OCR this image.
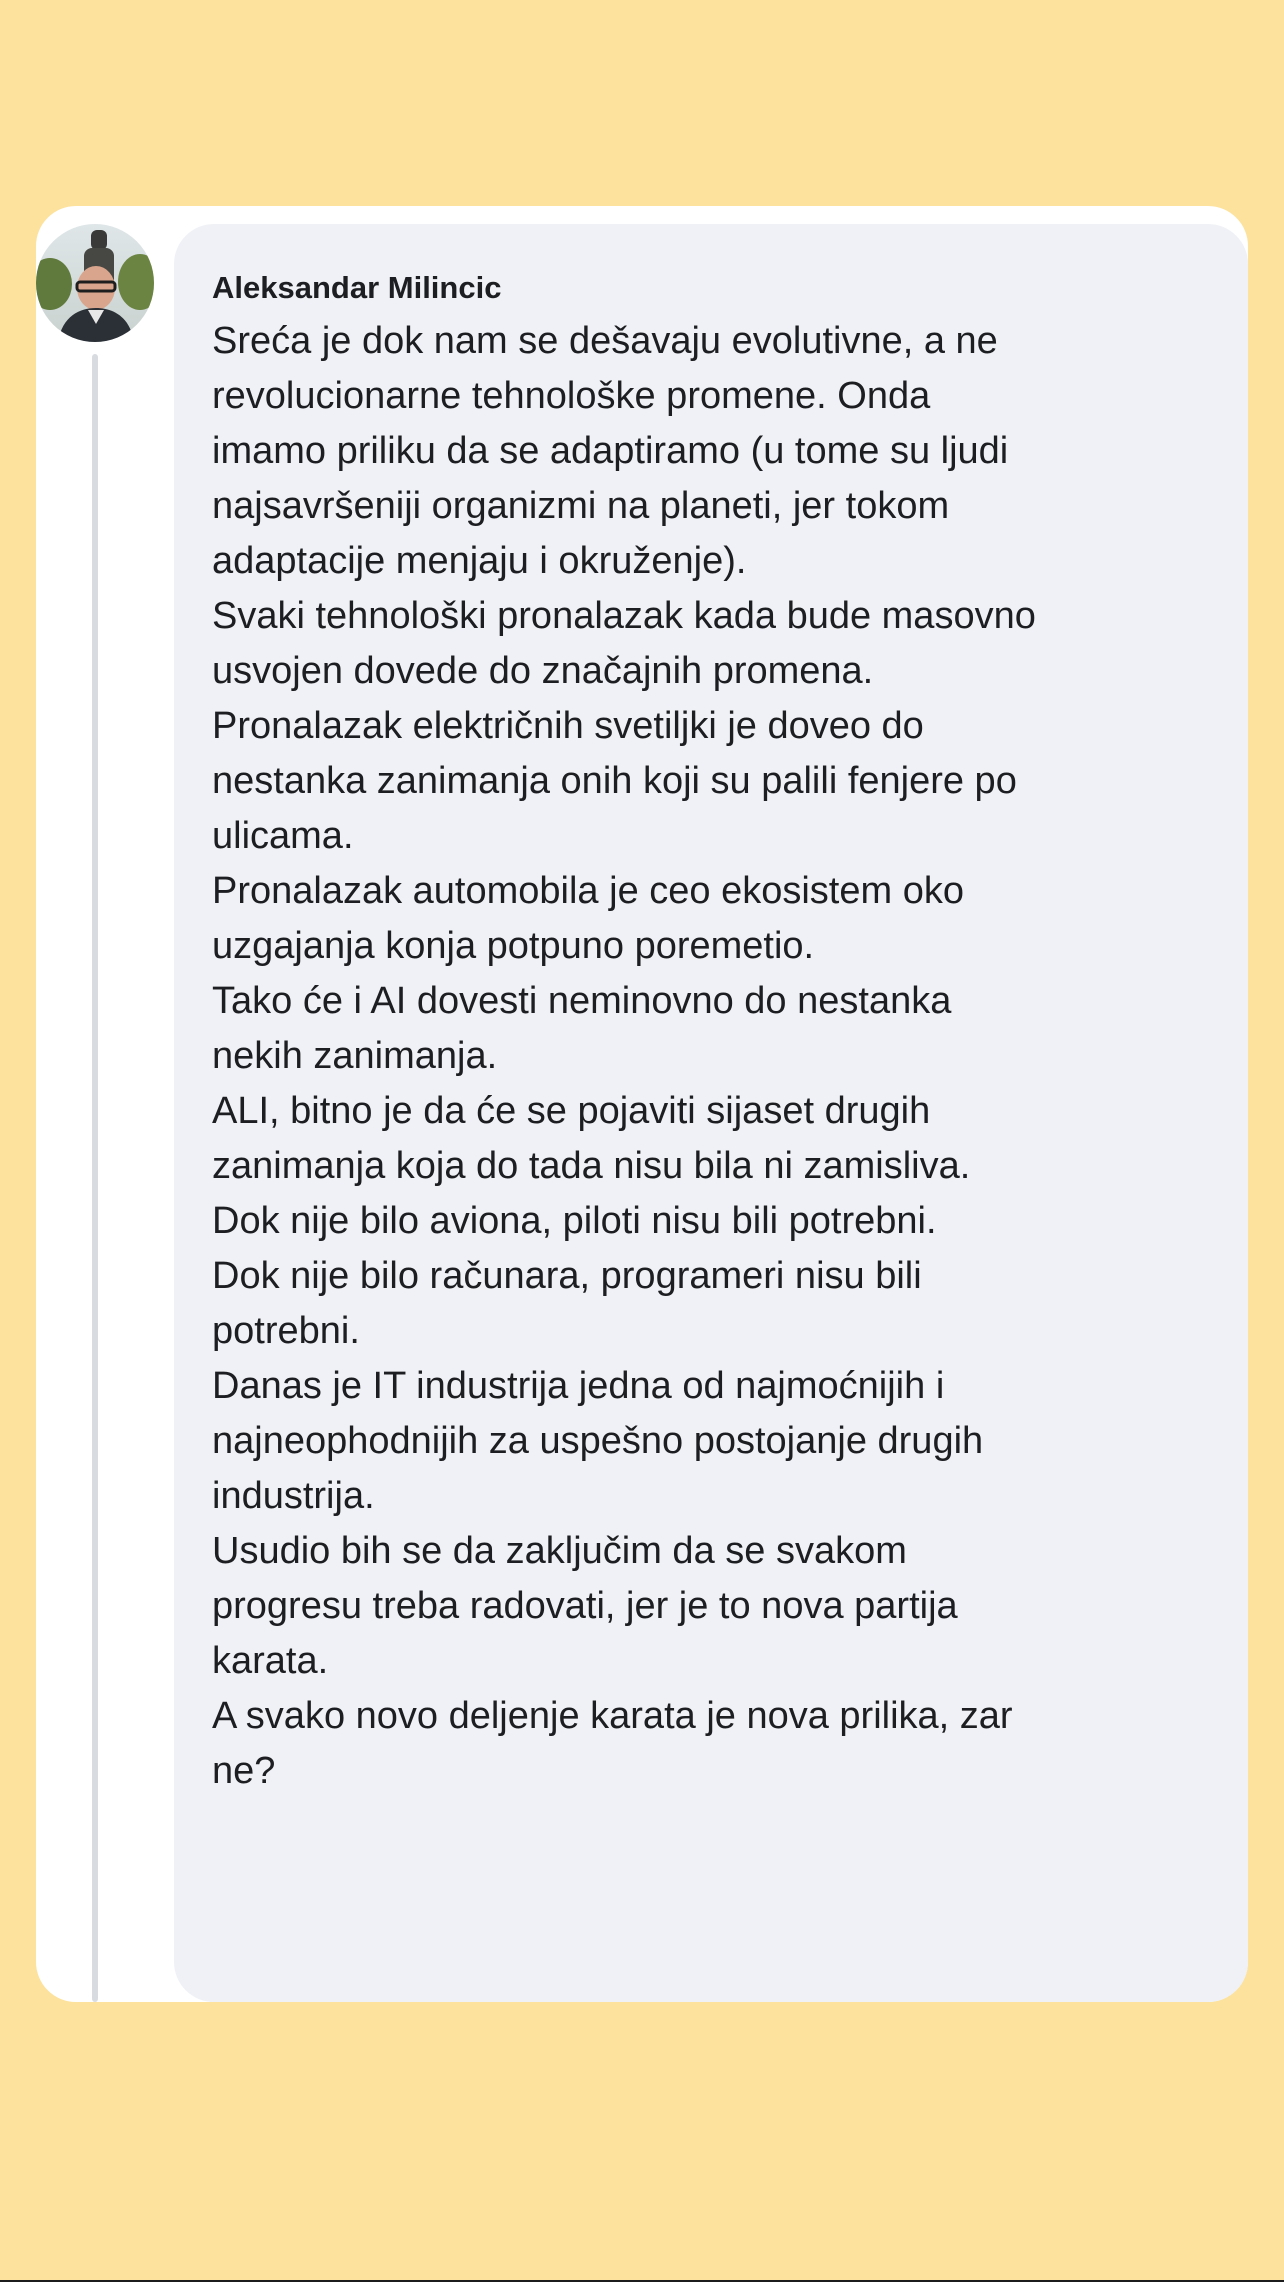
Aleksandar Milincic
Sreća je dok nam se dešavaju evolutivne, a ne
revolucionarne tehnološke promene. Onda
imamo priliku da se adaptiramo (u tome su ljudi
najsavršeniji organizmi na planeti, jer tokom
adaptacije menjaju i okruženje).
Svaki tehnološki pronalazak kada bude masovno
usvojen dovede do značajnih promena.
Pronalazak električnih svetiljki je doveo do
nestanka zanimanja onih koji su palili fenjere po
ulicama.
Pronalazak automobila je ceo ekosistem oko
uzgajanja konja potpuno poremetio.
Tako će i AI dovesti neminovno do nestanka
nekih zanimanja.
ALI, bitno je da će se pojaviti sijaset drugih
zanimanja koja do tada nisu bila ni zamisliva.
Dok nije bilo aviona, piloti nisu bili potrebni.
Dok nije bilo računara, programeri nisu bili
potrebni.
Danas je IT industrija jedna od najmoćnijih i
najneophodnijih za uspešno postojanje drugih
industrija.
Usudio bih se da zaključim da se svakom
progresu treba radovati, jer je to nova partija
karata.
A svako novo deljenje karata je nova prilika, zar
ne?
